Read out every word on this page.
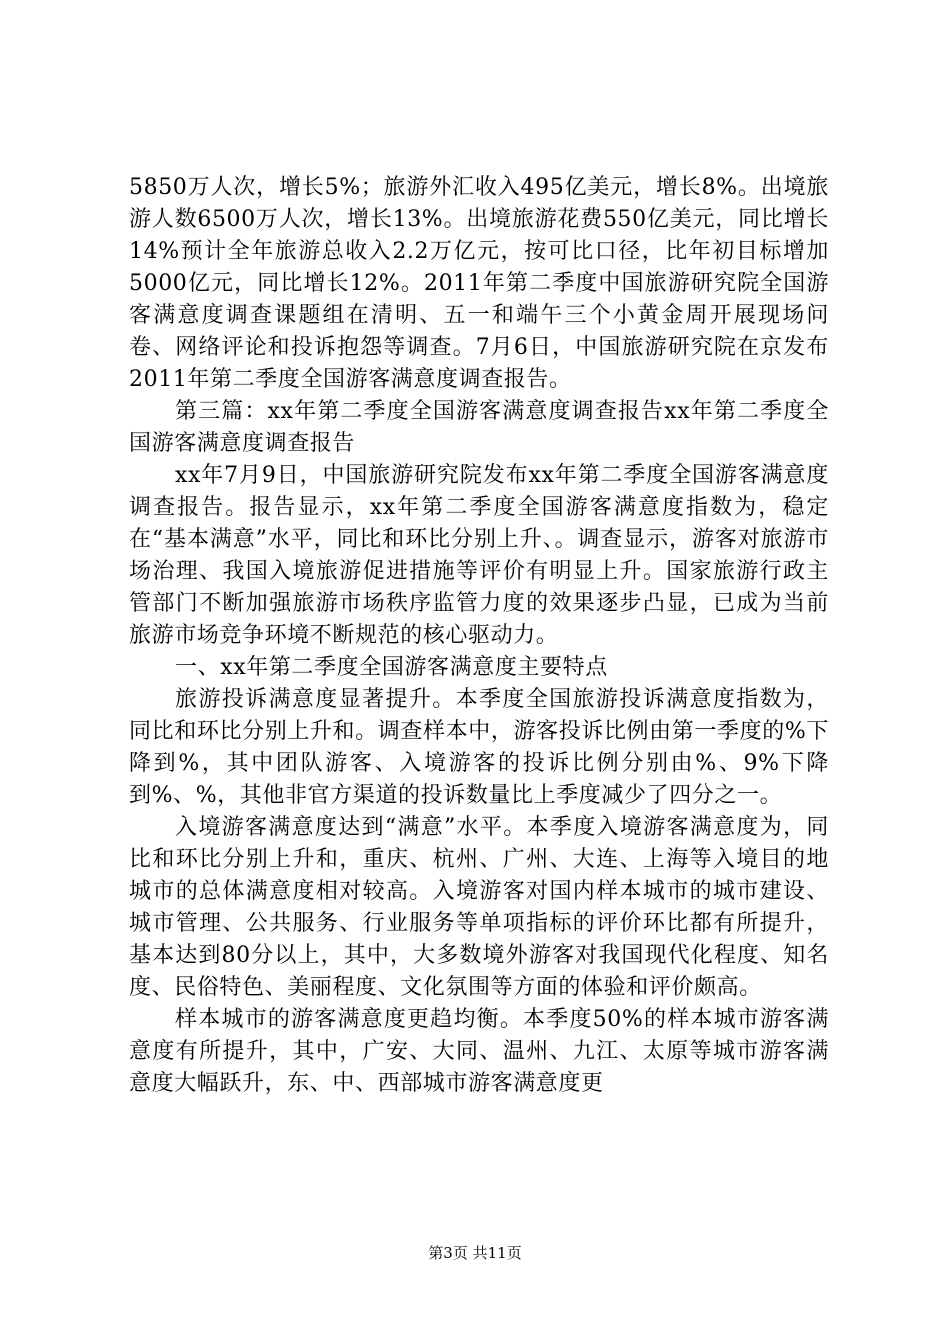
5850万人次，增长5%；旅游外汇收入495亿美元，增长8%。出境旅游人数6500万人次，增长13%。出境旅游花费550亿美元，同比增长14%预计全年旅游总收入2.2万亿元，按可比口径，比年初目标增加5000亿元，同比增长12%。2011年第二季度中国旅游研究院全国游客满意度调查课题组在清明、五一和端午三个小黄金周开展现场问卷、网络评论和投诉抱怨等调查。7月6日，中国旅游研究院在京发布2011年第二季度全国游客满意度调查报告。

第三篇：xx年第二季度全国游客满意度调查报告xx年第二季度全国游客满意度调查报告

xx年7月9日，中国旅游研究院发布xx年第二季度全国游客满意度调查报告。报告显示，xx年第二季度全国游客满意度指数为，稳定在“基本满意”水平，同比和环比分别上升、。调查显示，游客对旅游市场治理、我国入境旅游促进措施等评价有明显上升。国家旅游行政主管部门不断加强旅游市场秩序监管力度的效果逐步凸显，已成为当前旅游市场竞争环境不断规范的核心驱动力。

一、xx年第二季度全国游客满意度主要特点

旅游投诉满意度显著提升。本季度全国旅游投诉满意度指数为，同比和环比分别上升和。调查样本中，游客投诉比例由第一季度的%下降到%，其中团队游客、入境游客的投诉比例分别由%、9%下降到%、%，其他非官方渠道的投诉数量比上季度减少了四分之一。

入境游客满意度达到“满意”水平。本季度入境游客满意度为，同比和环比分别上升和，重庆、杭州、广州、大连、上海等入境目的地城市的总体满意度相对较高。入境游客对国内样本城市的城市建设、城市管理、公共服务、行业服务等单项指标的评价环比都有所提升，基本达到80分以上，其中，大多数境外游客对我国现代化程度、知名度、民俗特色、美丽程度、文化氛围等方面的体验和评价颇高。

样本城市的游客满意度更趋均衡。本季度50%的样本城市游客满意度有所提升，其中，广安、大同、温州、九江、太原等城市游客满意度大幅跃升，东、中、西部城市游客满意度更

第3页 共11页
